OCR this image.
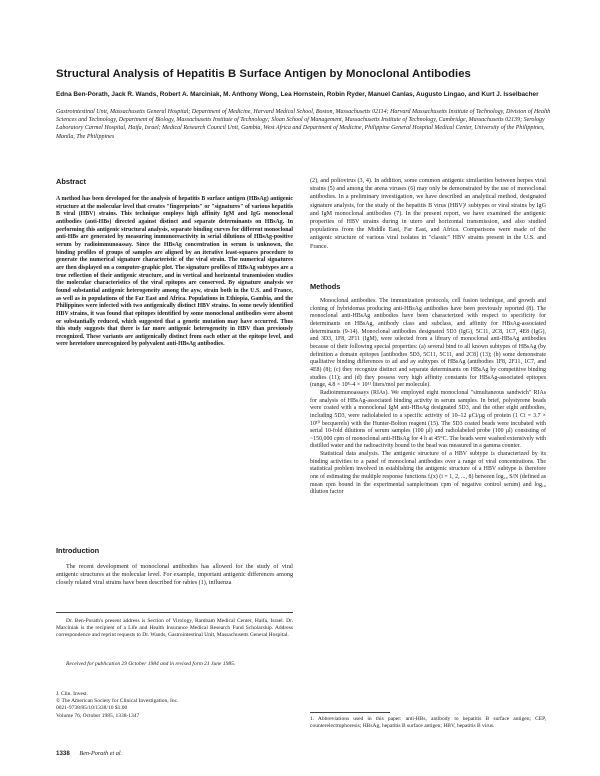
Structural Analysis of Hepatitis B Surface Antigen by Monoclonal Antibodies
Edna Ben-Porath, Jack R. Wands, Robert A. Marciniak, M. Anthony Wong, Lea Hornstein, Robin Ryder, Manuel Canlas, Augusto Lingao, and Kurt J. Isselbacher
Gastrointestinal Unit, Massachusetts General Hospital; Department of Medicine, Harvard Medical School, Boston, Massachusetts 02114; Harvard Massachusetts Institute of Technology, Division of Health Sciences and Technology, Department of Biology, Massachusetts Institute of Technology; Sloan School of Management, Massachusetts Institute of Technology, Cambridge, Massachusetts 02139; Serology Laboratory Carmel Hospital, Haifa, Israel; Medical Research Council Unit, Gambia, West Africa and Department of Medicine, Philippine General Hospital Medical Center, University of the Philippines, Manila, The Philippines
Abstract

A method has been developed for the analysis of hepatitis B surface antigen (HBsAg) antigenic structure at the molecular level that creates "fingerprints" or "signatures" of various hepatitis B viral (HBV) strains. This technique employs high affinity IgM and IgG monoclonal antibodies (anti-HBs) directed against distinct and separate determinants on HBsAg. In performing this antigenic structural analysis, separate binding curves for different monoclonal anti-HBs are generated by measuring immunoreactivity in serial dilutions of HBsAg-positive serum by radioimmunoassay. Since the HBsAg concentration in serum is unknown, the binding profiles of groups of samples are aligned by an iterative least-squares procedure to generate the numerical signature characteristic of the viral strain. The numerical signatures are then displayed on a computer-graphic plot. The signature profiles of HBsAg subtypes are a true reflection of their antigenic structure, and in vertical and horizontal transmission studies the molecular characteristics of the viral epitopes are conserved. By signature analysis we found substantial antigenic heterogeneity among the ayw, strain both in the U.S. and France, as well as in populations of the Far East and Africa. Populations in Ethiopia, Gambia, and the Philippines were infected with two antigenically distinct HBV strains. In some newly identified HBV strains, it was found that epitopes identified by some monoclonal antibodies were absent or substantially reduced, which suggested that a genetic mutation may have occurred. Thus this study suggests that there is far more antigenic heterogeneity in HBV than previously recognized. These variants are antigenically distinct from each other at the epitope level, and were heretofore unrecognized by polyvalent anti-HBsAg antibodies.

Introduction

The recent development of monoclonal antibodies has allowed for the study of viral antigenic structures at the molecular level. For example, important antigenic differences among closely related viral strains have been described for rabies (1), influenza

Dr. Ben-Porath's present address is Section of Virology, Rambam Medical Center, Haifa, Israel. Dr. Marciniak is the recipient of a Life and Health Insurance Medical Research Fund Scholarship. Address correspondence and reprint requests to Dr. Wands, Gastrointestinal Unit, Massachusetts General Hospital.

Received for publication 29 October 1984 and in revised form 21 June 1985.

J. Clin. Invest.
© The American Society for Clinical Investigation, Inc.
0021-9738/85/10/1338/10 $1.00
Volume 76, October 1985, 1338-1347

(2), and poliovirus (3, 4). In addition, some common antigenic similarities between herpes viral strains (5) and among the arena viruses (6) may only be demonstrated by the use of monoclonal antibodies. In a preliminary investigation, we have described an analytical method, designated signature analysis, for the study of the hepatitis B virus (HBV)¹ subtypes or viral strains by IgG and IgM monoclonal antibodies (7). In the present report, we have examined the antigenic properties of HBV strains during in utero and horizontal transmission, and also studied populations from the Middle East, Far East, and Africa. Comparisons were made of the antigenic structure of various viral isolates in "classic" HBV strains present in the U.S. and France.

Methods

Monoclonal antibodies. The immunization protocols, cell fusion technique, and growth and cloning of hybridomas producing anti-HBsAg antibodies have been previously reported (8). The monoclonal anti-HBsAg antibodies have been characterized with respect to specificity for determinants on HBsAg, antibody class and subclass, and affinity for HBsAg-associated determinants (9-14). Monoclonal antibodies designated 5D3 (IgG), 5C11, 2C8, 1C7, 4E8 (IgG), and 3D3, 1F8, 2F11 (IgM), were selected from a library of monoclonal anti-HBsAg antibodies because of their following special properties: (a) several bind to all known subtypes of HBsAg (by definition a domain epitopes [antibodies 5D3, 5C11, 5C11, and 2C8] (13); (b) some demonstrate qualitative binding differences to ad and ay subtypes of HBsAg (antibodies 1F8, 2F11, 1C7, and 4E8) (8); (c) they recognize distinct and separate determinants on HBsAg by competitive binding studies (11); and (d) they possess very high affinity constants for HBsAg-associated epitopes (range, 4.8 × 10⁸–4 × 10¹¹ liters/mol per molecule).

Radioimmunoassays (RIAs). We employed eight monoclonal "simultaneous sandwich" RIAs for analysis of HBsAg-associated binding activity in serum samples. In brief, polystyrene beads were coated with a monoclonal IgM anti-HBsAg designated 5D3, and the other eight antibodies, including 5D3, were radiolabeled to a specific activity of 10–12 μCi/μg of protein (1 Ci = 3.7 × 10¹⁰ becquerels) with the Hunter-Bolton reagent (15). The 5D3 coated beads were incubated with serial 10-fold dilutions of serum samples (100 μl) and radiolabeled probe (100 μl) consisting of ~150,000 cpm of monoclonal anti-HBsAg for 4 h at 45°C. The beads were washed extensively with distilled water and the radioactivity bound to the bead was measured in a gamma counter.

Statistical data analysis. The antigenic structure of a HBV subtype is characterized by its binding activities to a panel of monoclonal antibodies over a range of viral concentrations. The statistical problem involved in establishing the antigenic structure of a HBV subtype is therefore one of estimating the multiple response functions fᵢ(x) (i = 1, 2, ..., 8) between log₁₀ S/N (defined as mean cpm bound in the experimental sample/mean cpm of negative control serum) and log₁₀ dilution factor

1. Abbreviations used in this paper: anti-HBs, antibody to hepatitis B surface antigen; CEP, counterelectrophoresis; HBsAg, hepatitis B surface antigen; HBV, hepatitis B virus.

1338 Ben-Porath et al.
